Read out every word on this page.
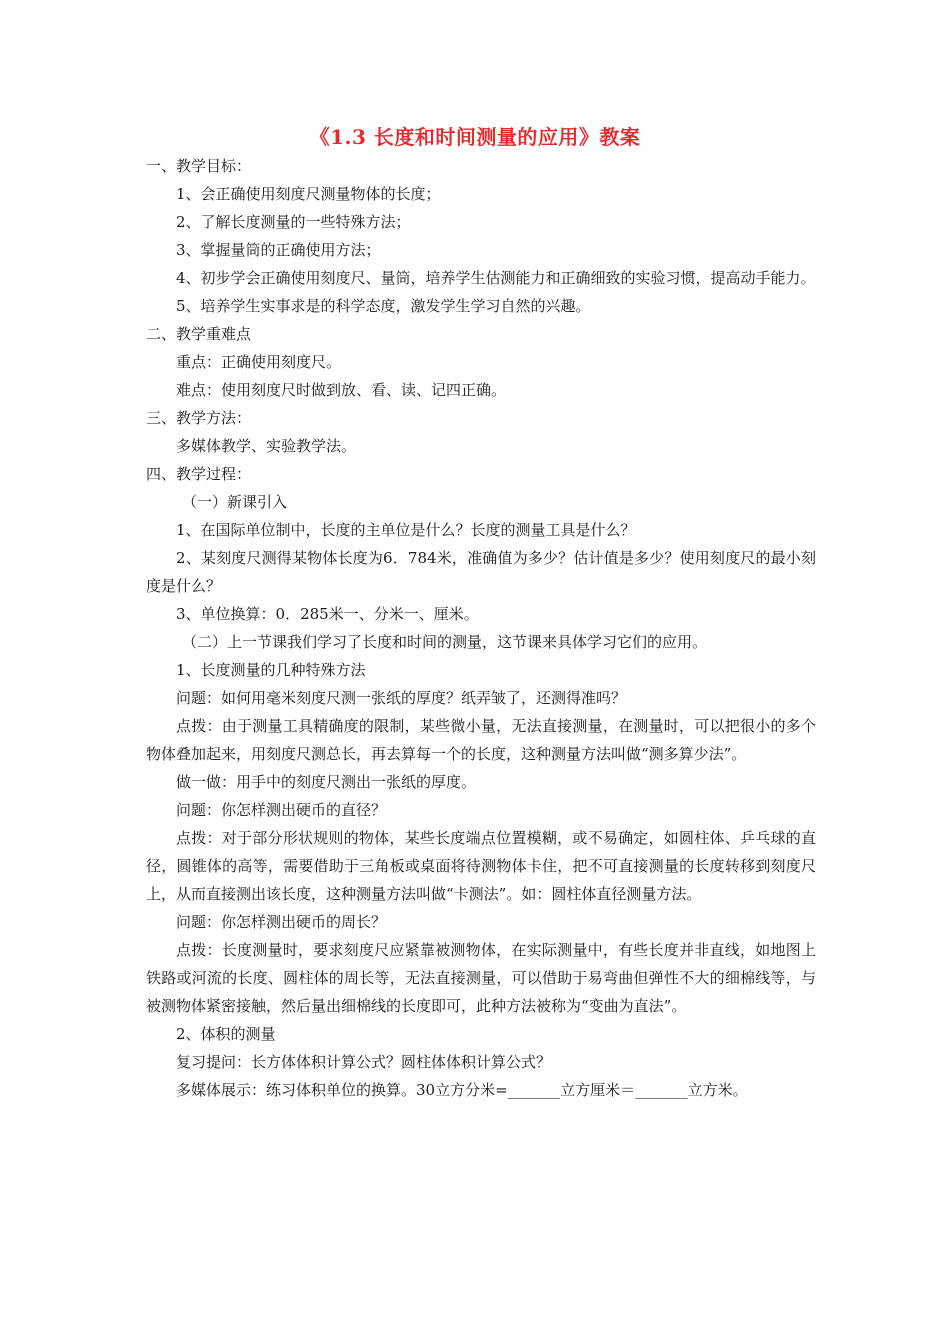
《1.3 长度和时间测量的应用》教案

一、教学目标：

1、会正确使用刻度尺测量物体的长度；

2、了解长度测量的一些特殊方法；

3、掌握量筒的正确使用方法；

4、初步学会正确使用刻度尺、量筒，培养学生估测能力和正确细致的实验习惯，提高动手能力。

5、培养学生实事求是的科学态度，激发学生学习自然的兴趣。

二、教学重难点

重点：正确使用刻度尺。

难点：使用刻度尺时做到放、看、读、记四正确。

三、教学方法：

多媒体教学、实验教学法。

四、教学过程：

（一）新课引入

1、在国际单位制中，长度的主单位是什么？长度的测量工具是什么？

2、某刻度尺测得某物体长度为6．784米，准确值为多少？估计值是多少？使用刻度尺的最小刻度是什么？

3、单位换算：0．285米一、分米一、厘米。

（二）上一节课我们学习了长度和时间的测量，这节课来具体学习它们的应用。

1、长度测量的几种特殊方法

问题：如何用毫米刻度尺测一张纸的厚度？纸弄皱了，还测得准吗？

点拨：由于测量工具精确度的限制，某些微小量，无法直接测量，在测量时，可以把很小的多个物体叠加起来，用刻度尺测总长，再去算每一个的长度，这种测量方法叫做“测多算少法”。

做一做：用手中的刻度尺测出一张纸的厚度。

问题：你怎样测出硬币的直径？

点拨：对于部分形状规则的物体，某些长度端点位置模糊，或不易确定，如圆柱体、乒乓球的直径，圆锥体的高等，需要借助于三角板或桌面将待测物体卡住，把不可直接测量的长度转移到刻度尺上，从而直接测出该长度，这种测量方法叫做“卡测法”。如：圆柱体直径测量方法。

问题：你怎样测出硬币的周长？

点拨：长度测量时，要求刻度尺应紧靠被测物体，在实际测量中，有些长度并非直线，如地图上铁路或河流的长度、圆柱体的周长等，无法直接测量，可以借助于易弯曲但弹性不大的细棉线等，与被测物体紧密接触，然后量出细棉线的长度即可，此种方法被称为“变曲为直法”。

2、体积的测量

复习提问：长方体体积计算公式？圆柱体体积计算公式？

多媒体展示：练习体积单位的换算。30立方分米=_______立方厘米＝_______立方米。
